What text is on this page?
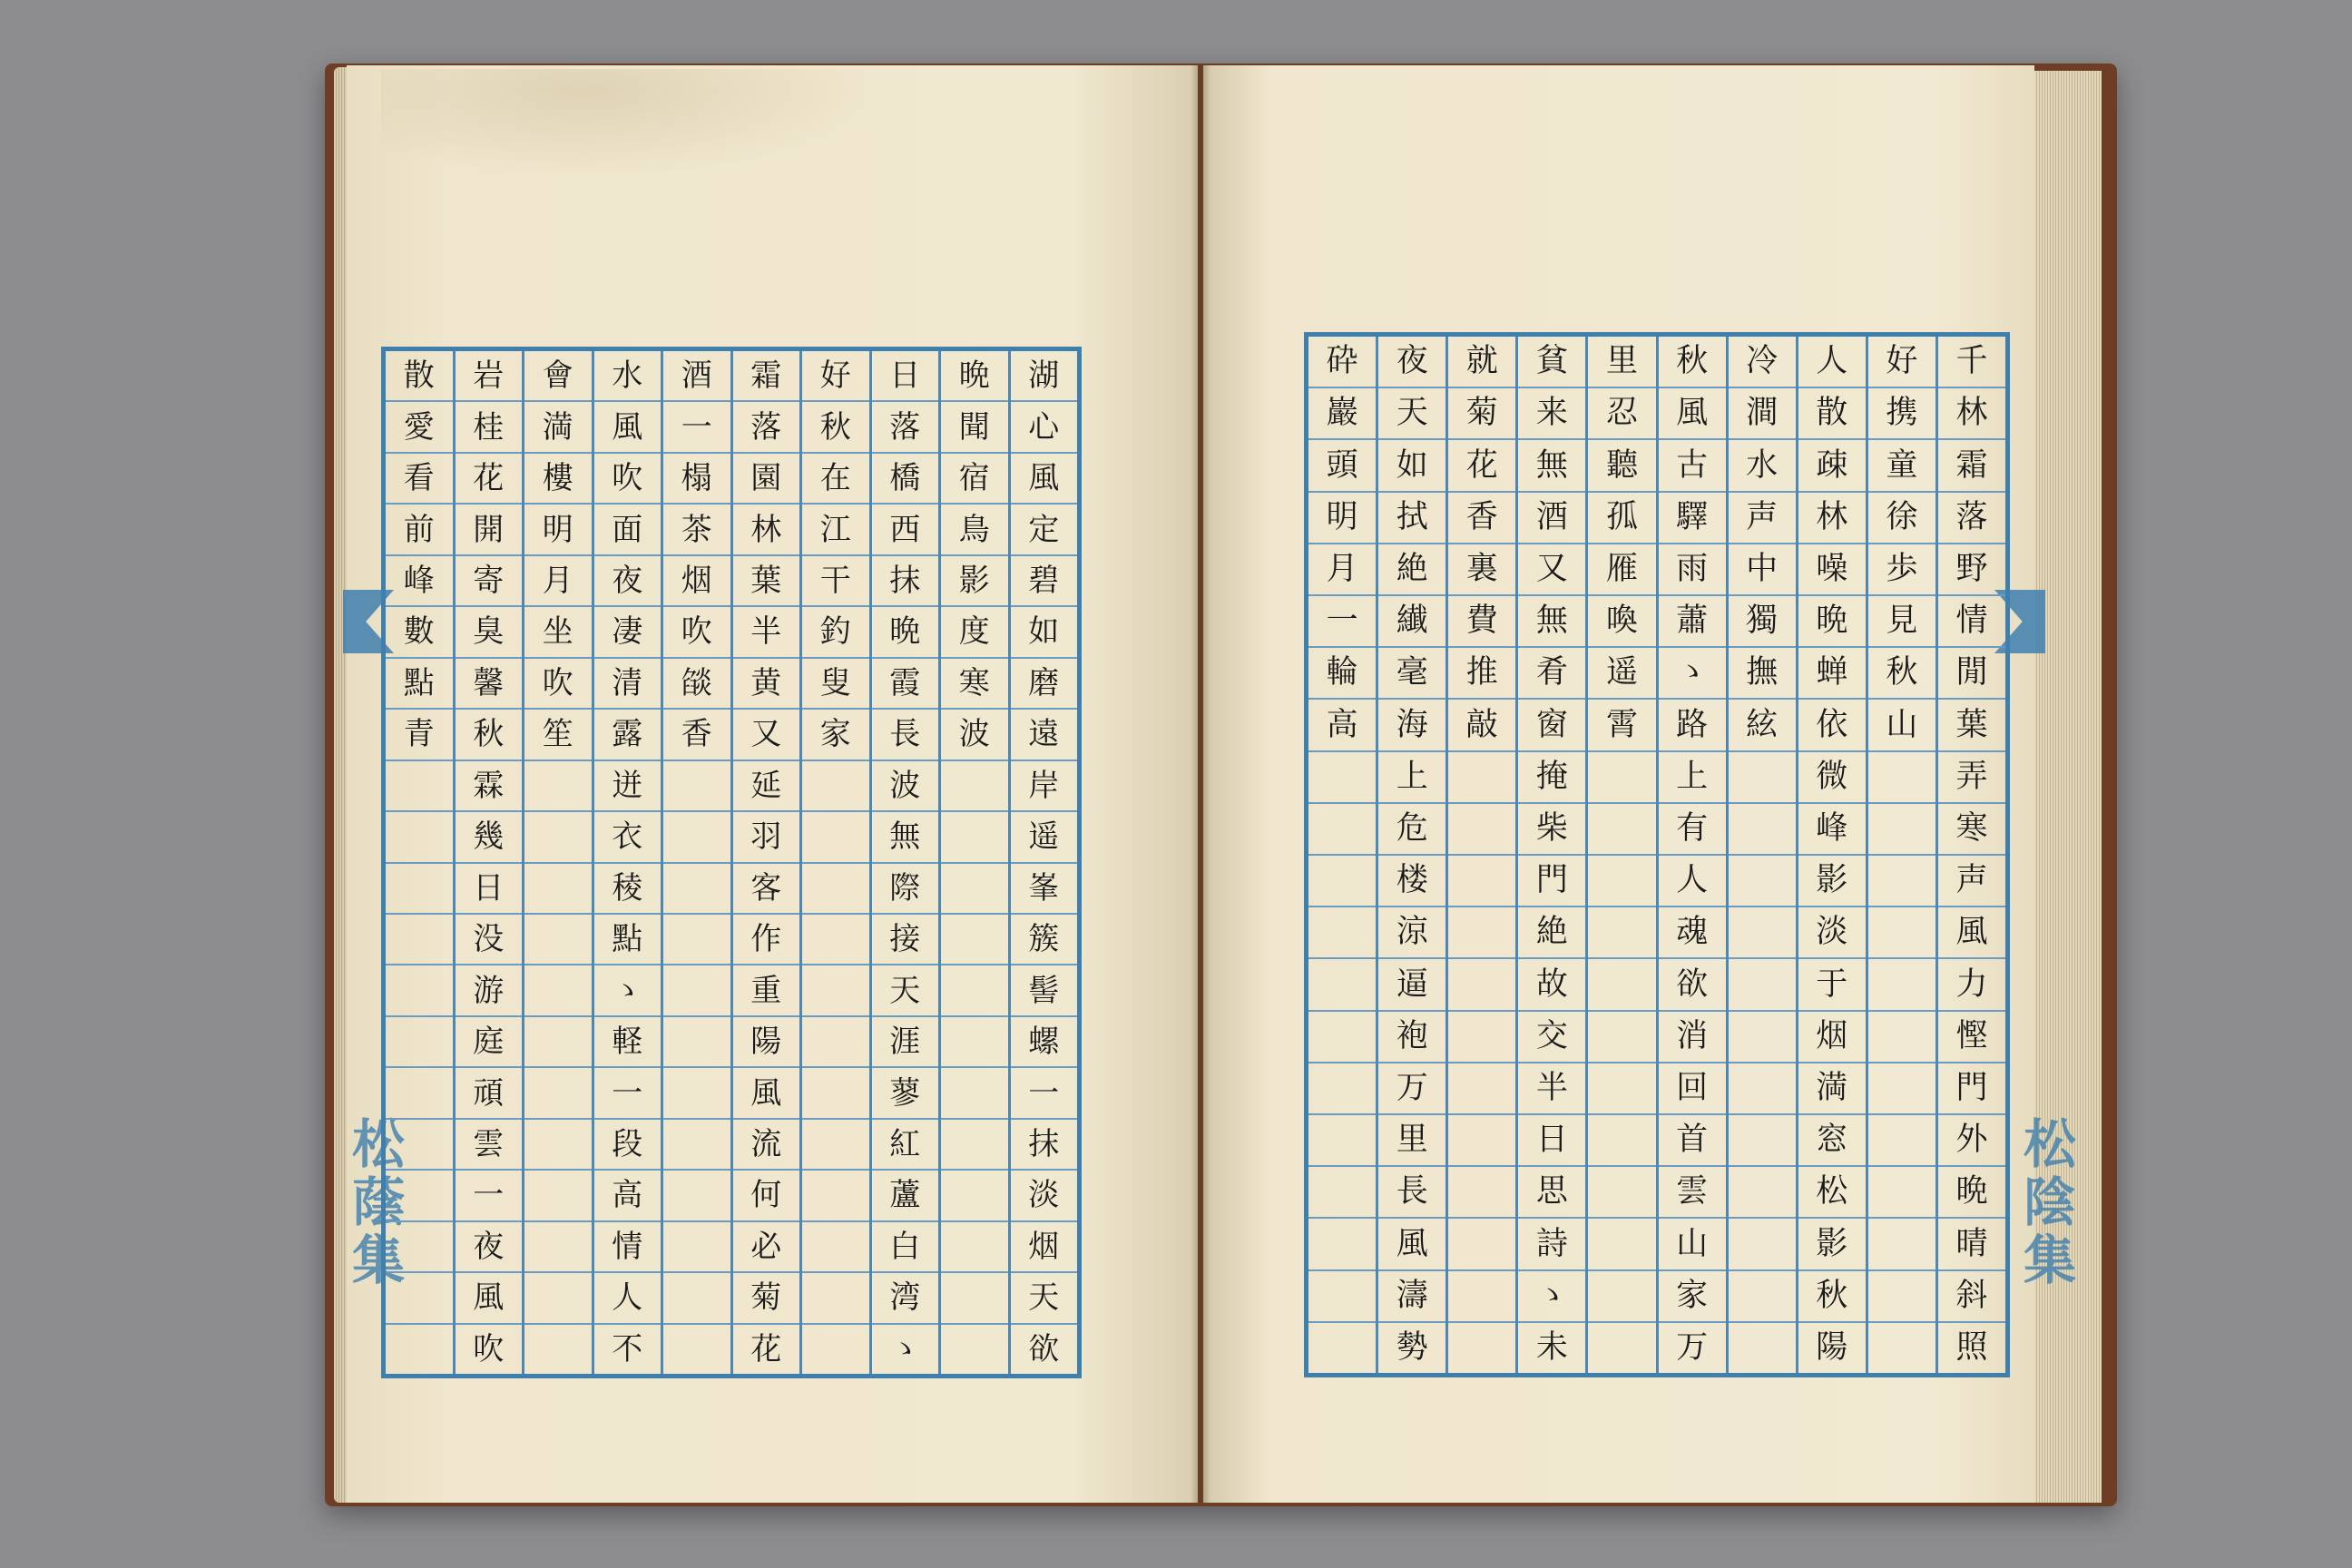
松蔭集	松陰集
湖
心
風
定
碧
如
磨
遠
岸
遥
峯
簇
髻
螺
一
抹
淡
烟
天
欲
晩
聞
宿
鳥
影
度
寒
波
日
落
橋
西
抹
晩
霞
長
波
無
際
接
天
涯
蓼
紅
蘆
白
湾
ゝ
好
秋
在
江
干
釣
叟
家
霜
落
園
林
葉
半
黄
又
延
羽
客
作
重
陽
風
流
何
必
菊
花
酒
一
榻
茶
烟
吹
燄
香
水
風
吹
面
夜
凄
清
露
迸
衣
稜
點
ゝ
軽
一
段
高
情
人
不
會
満
樓
明
月
坐
吹
笙
岩
桂
花
開
寄
臭
馨
秋
霖
幾
日
没
游
庭
頑
雲
一
夜
風
吹
散
愛
看
前
峰
數
點
青
千
林
霜
落
野
情
閒
葉
弄
寒
声
風
力
慳
門
外
晩
晴
斜
照
好
携
童
徐
歩
見
秋
山
人
散
疎
林
噪
晩
蝉
依
微
峰
影
淡
于
烟
満
窓
松
影
秋
陽
冷
澗
水
声
中
獨
撫
絃
秋
風
古
驛
雨
蕭
ゝ
路
上
有
人
魂
欲
消
回
首
雲
山
家
万
里
忍
聽
孤
雁
喚
遥
霄
貧
来
無
酒
又
無
肴
窗
掩
柴
門
絶
故
交
半
日
思
詩
ゝ
未
就
菊
花
香
裏
費
推
敲
夜
天
如
拭
絶
纎
毫
海
上
危
楼
涼
逼
袍
万
里
長
風
濤
勢
砕
巖
頭
明
月
一
輪
高
